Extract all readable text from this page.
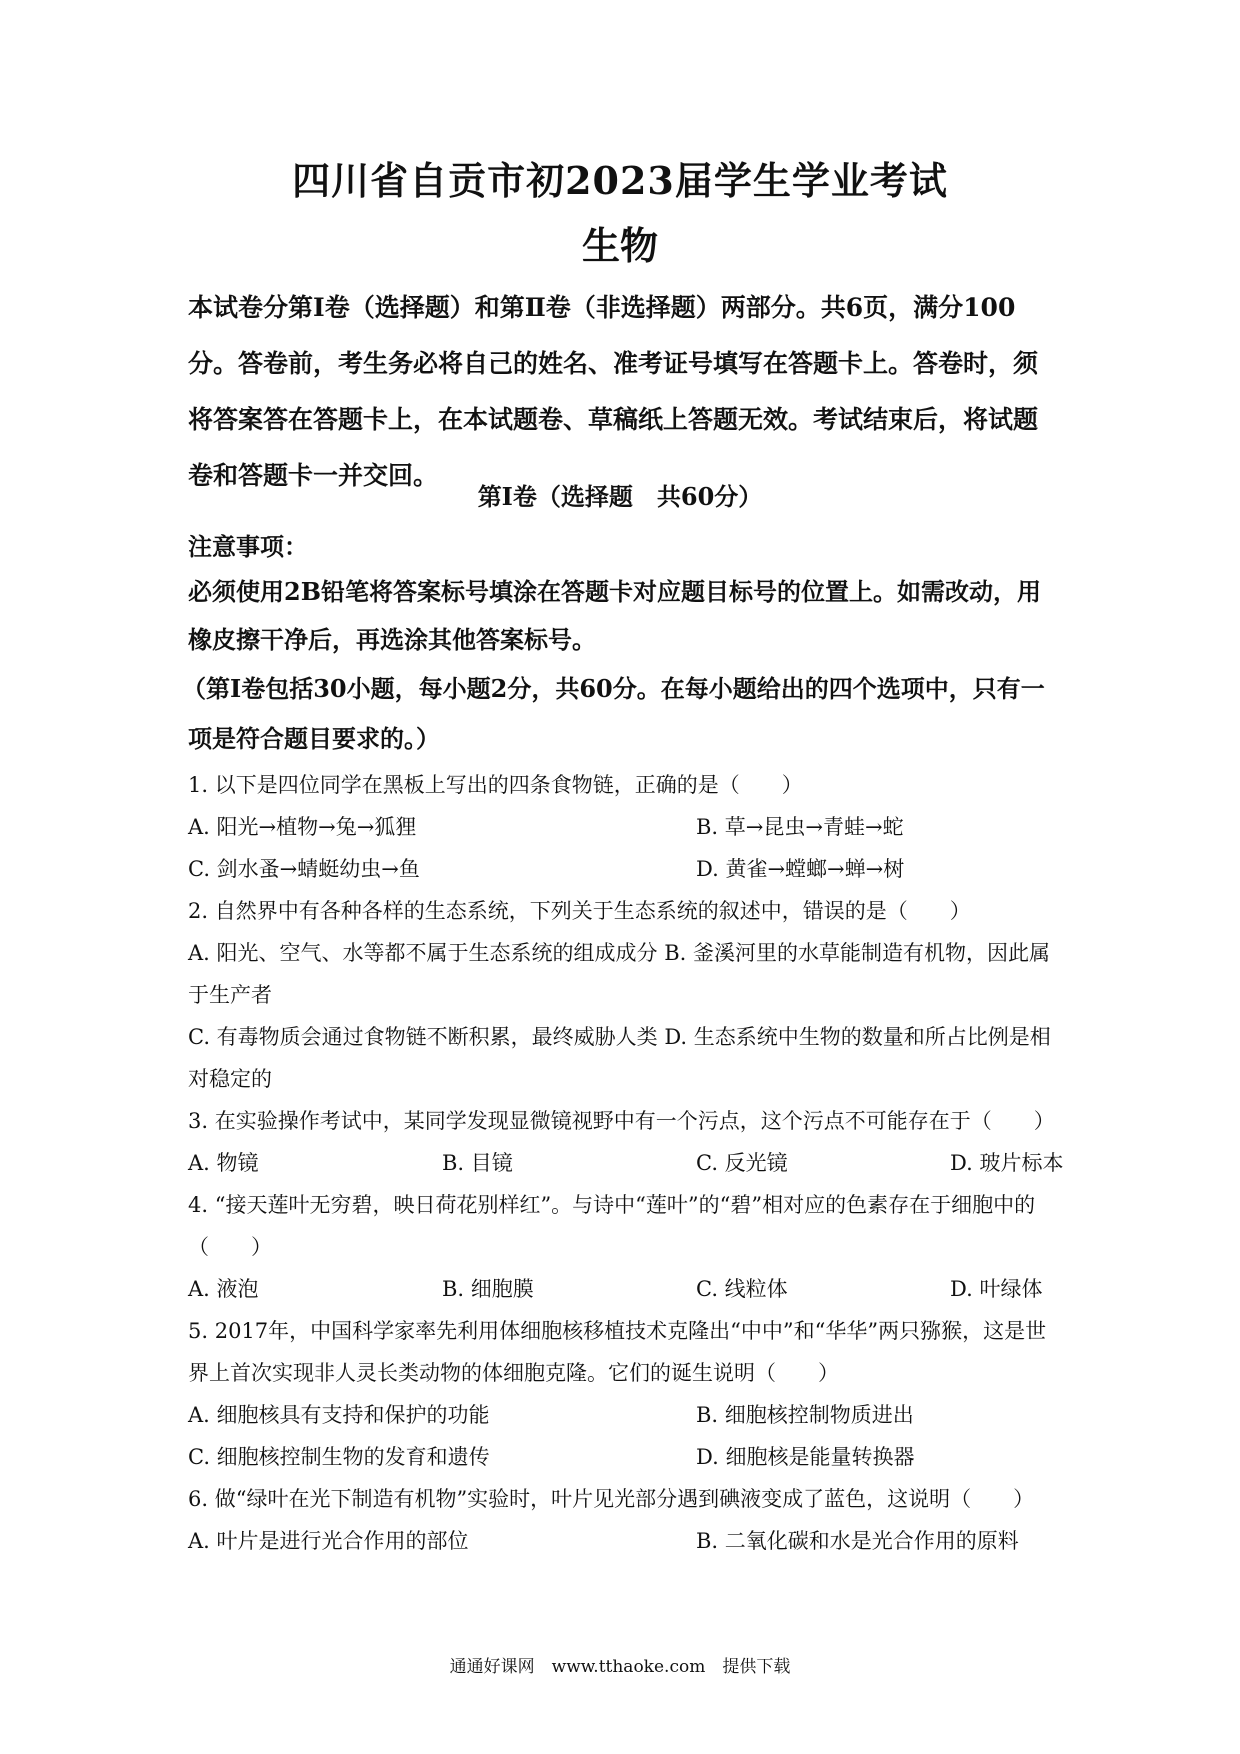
四川省自贡市初2023届学生学业考试
生物
本试卷分第Ⅰ卷（选择题）和第Ⅱ卷（非选择题）两部分。共6页，满分100分。答卷前，考生务必将自己的姓名、准考证号填写在答题卡上。答卷时，须将答案答在答题卡上，在本试题卷、草稿纸上答题无效。考试结束后，将试题卷和答题卡一并交回。
第Ⅰ卷（选择题　共60分）
注意事项：
必须使用2B铅笔将答案标号填涂在答题卡对应题目标号的位置上。如需改动，用橡皮擦干净后，再选涂其他答案标号。
（第Ⅰ卷包括30小题，每小题2分，共60分。在每小题给出的四个选项中，只有一项是符合题目要求的。）

1. 以下是四位同学在黑板上写出的四条食物链，正确的是（　　）

A. 阳光→植物→兔→狐狸	B. 草→昆虫→青蛙→蛇
C. 剑水蚤→蜻蜓幼虫→鱼	D. 黄雀→螳螂→蝉→树

2. 自然界中有各种各样的生态系统，下列关于生态系统的叙述中，错误的是（　　）

A. 阳光、空气、水等都不属于生态系统的组成成分 B. 釜溪河里的水草能制造有机物，因此属于生产者

C. 有毒物质会通过食物链不断积累，最终威胁人类 D. 生态系统中生物的数量和所占比例是相对稳定的

3. 在实验操作考试中，某同学发现显微镜视野中有一个污点，这个污点不可能存在于（　　）

A. 物镜	B. 目镜	C. 反光镜	D. 玻片标本

4. “接天莲叶无穷碧，映日荷花别样红”。与诗中“莲叶”的“碧”相对应的色素存在于细胞中的（　　）

A. 液泡	B. 细胞膜	C. 线粒体	D. 叶绿体

5. 2017年，中国科学家率先利用体细胞核移植技术克隆出“中中”和“华华”两只猕猴，这是世界上首次实现非人灵长类动物的体细胞克隆。它们的诞生说明（　　）

A. 细胞核具有支持和保护的功能	B. 细胞核控制物质进出
C. 细胞核控制生物的发育和遗传	D. 细胞核是能量转换器

6. 做“绿叶在光下制造有机物”实验时，叶片见光部分遇到碘液变成了蓝色，这说明（　　）

A. 叶片是进行光合作用的部位	B. 二氧化碳和水是光合作用的原料
通通好课网　www.tthaoke.com　提供下载
